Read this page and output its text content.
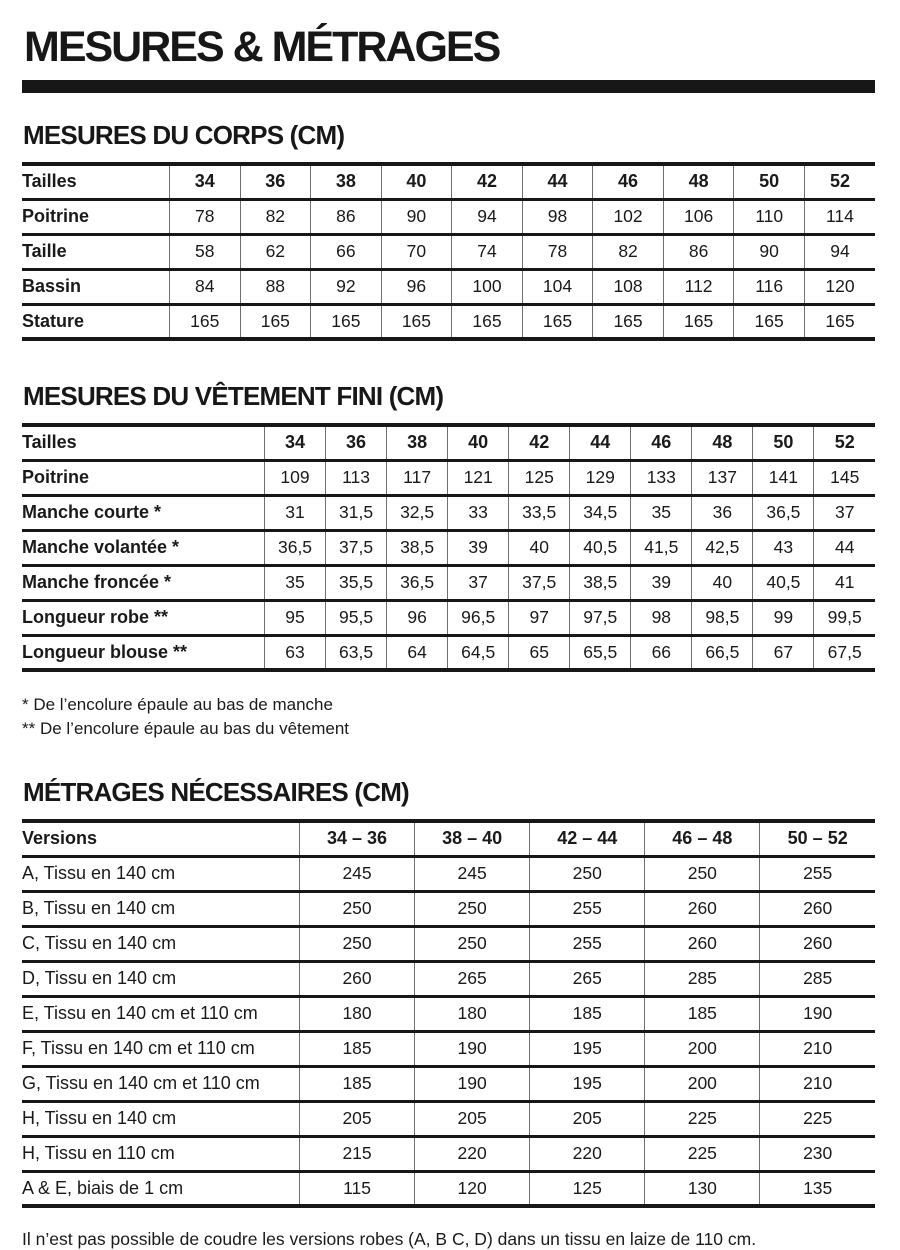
MESURES & MÉTRAGES
MESURES DU CORPS (CM)
Tailles	34	36	38	40	42	44	46	48	50	52
Poitrine	78	82	86	90	94	98	102	106	110	114
Taille	58	62	66	70	74	78	82	86	90	94
Bassin	84	88	92	96	100	104	108	112	116	120
Stature	165	165	165	165	165	165	165	165	165	165
MESURES DU VÊTEMENT FINI (CM)
Tailles	34	36	38	40	42	44	46	48	50	52
Poitrine	109	113	117	121	125	129	133	137	141	145
Manche courte *	31	31,5	32,5	33	33,5	34,5	35	36	36,5	37
Manche volantée *	36,5	37,5	38,5	39	40	40,5	41,5	42,5	43	44
Manche froncée *	35	35,5	36,5	37	37,5	38,5	39	40	40,5	41
Longueur robe **	95	95,5	96	96,5	97	97,5	98	98,5	99	99,5
Longueur blouse **	63	63,5	64	64,5	65	65,5	66	66,5	67	67,5
* De l’encolure épaule au bas de manche
** De l’encolure épaule au bas du vêtement
MÉTRAGES NÉCESSAIRES (CM)
Versions	34 – 36	38 – 40	42 – 44	46 – 48	50 – 52
A, Tissu en 140 cm	245	245	250	250	255
B, Tissu en 140 cm	250	250	255	260	260
C, Tissu en 140 cm	250	250	255	260	260
D, Tissu en 140 cm	260	265	265	285	285
E, Tissu en 140 cm et 110 cm	180	180	185	185	190
F, Tissu en 140 cm et 110 cm	185	190	195	200	210
G, Tissu en 140 cm et 110 cm	185	190	195	200	210
H, Tissu en 140 cm	205	205	205	225	225
H, Tissu en 110 cm	215	220	220	225	230
A & E, biais de 1 cm	115	120	125	130	135
Il n’est pas possible de coudre les versions robes (A, B C, D) dans un tissu en laize de 110 cm.
